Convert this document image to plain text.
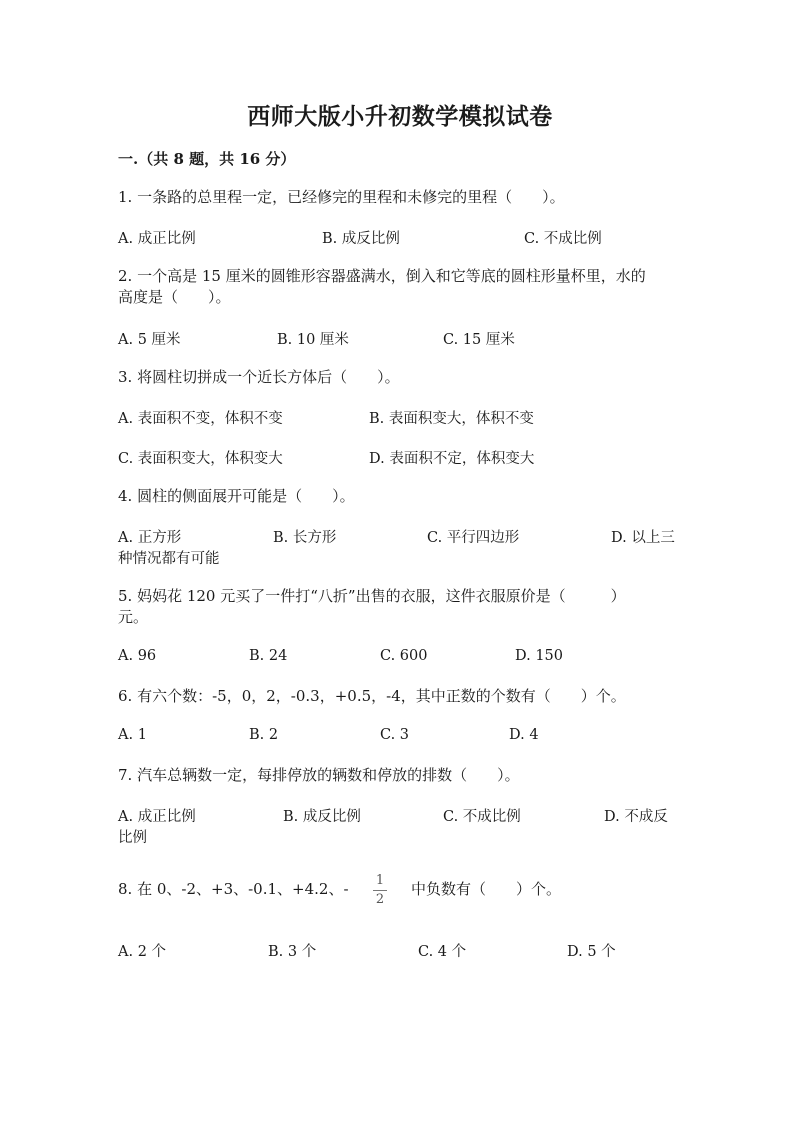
西师大版小升初数学模拟试卷
一.（共 8 题，共 16 分）
1. 一条路的总里程一定，已经修完的里程和未修完的里程（　　）。
A. 成正比例	B. 成反比例	C. 不成比例
2. 一个高是 15 厘米的圆锥形容器盛满水，倒入和它等底的圆柱形量杯里，水的
高度是（　　）。
A. 5 厘米	B. 10 厘米	C. 15 厘米
3. 将圆柱切拼成一个近长方体后（　　）。
A. 表面积不变，体积不变	B. 表面积变大，体积不变
C. 表面积变大，体积变大	D. 表面积不定，体积变大
4. 圆柱的侧面展开可能是（　　）。
A. 正方形	B. 长方形	C. 平行四边形	D. 以上三
种情况都有可能
5. 妈妈花 120 元买了一件打“八折”出售的衣服，这件衣服原价是（　　　）
元。
A. 96	B. 24	C. 600	D. 150
6. 有六个数：-5，0，2，-0.3，+0.5，-4，其中正数的个数有（　　）个。
A. 1	B. 2	C. 3	D. 4
7. 汽车总辆数一定，每排停放的辆数和停放的排数（　　）。
A. 成正比例	B. 成反比例	C. 不成比例	D. 不成反
比例
8. 在 0、-2、+3、-0.1、+4.2、-	1
2
中负数有（　　）个。
A. 2 个	B. 3 个	C. 4 个	D. 5 个
